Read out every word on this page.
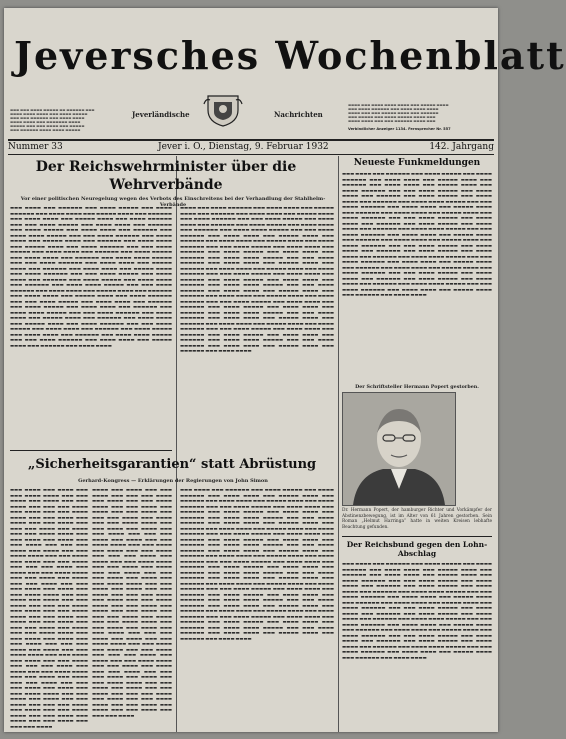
▬▬▬ ▬▬▬ ▬▬▬▬ ▬▬▬▬▬ ▬▬ ▬▬▬▬▬▬ ▬▬▬
▬▬▬▬ ▬▬▬▬ ▬▬▬▬ ▬▬▬ ▬▬▬▬ ▬▬▬▬▬
▬▬▬ ▬▬▬ ▬▬▬▬▬▬ ▬▬▬ ▬▬▬▬ ▬▬▬▬
▬▬▬▬ ▬▬▬▬ ▬▬▬ ▬▬▬▬▬▬▬ ▬▬▬▬
▬▬▬▬▬ ▬▬▬ ▬▬▬ ▬▬▬▬ ▬▬▬ ▬▬▬▬▬
▬▬▬ ▬▬▬▬▬▬ ▬▬▬▬ ▬▬▬▬ ▬▬▬▬▬
Jeversches Wochenblatt
Jeverländische	Nachrichten
▬▬▬▬ ▬▬▬ ▬▬▬▬ ▬▬▬▬ ▬▬▬▬ ▬▬▬ ▬▬▬▬▬ ▬▬▬▬
▬▬▬ ▬▬▬▬ ▬▬▬▬▬▬ ▬▬▬ ▬▬▬▬ ▬▬▬▬ ▬▬▬▬
▬▬▬▬ ▬▬▬ ▬▬▬ ▬▬▬▬▬ ▬▬▬▬ ▬▬▬ ▬▬▬▬▬▬
▬▬▬ ▬▬▬▬▬ ▬▬▬ ▬▬▬▬ ▬▬▬▬▬ ▬▬▬▬ ▬▬▬
▬▬▬▬ ▬▬▬▬ ▬▬▬ ▬▬▬ ▬▬▬▬▬▬ ▬▬▬▬ ▬▬▬
Verbindlicher Anzeiger 1134. Fernsprecher Nr. 557
Nummer 33	Jever i. O., Dienstag, 9. Februar 1932	142. Jahrgang
Der Reichswehrminister über die Wehrverbände
Vor einer politischen Neuregelung wegen des Verbots des Einschreitens bei der Verhandlung der Stahlhelm-Verbände
▬▬▬ ▬▬▬▬ ▬▬▬ ▬▬▬▬▬▬ ▬▬▬ ▬▬▬▬ ▬▬▬▬▬ ▬▬▬ ▬▬▬▬ ▬▬▬▬▬▬ ▬▬▬ ▬▬▬▬ ▬▬▬▬ ▬▬▬ ▬▬▬▬▬ ▬▬▬▬ ▬▬▬ ▬▬▬▬▬▬ ▬▬▬ ▬▬▬▬ ▬▬▬▬ ▬▬▬ ▬▬▬▬▬ ▬▬▬▬ ▬▬▬ ▬▬▬▬ ▬▬▬▬▬▬ ▬▬▬ ▬▬▬ ▬▬▬▬ ▬▬▬▬▬ ▬▬▬ ▬▬▬▬ ▬▬▬▬ ▬▬▬ ▬▬▬▬▬▬ ▬▬▬ ▬▬▬▬ ▬▬▬▬▬ ▬▬▬ ▬▬▬▬ ▬▬▬▬ ▬▬▬ ▬▬▬▬▬▬ ▬▬▬ ▬▬▬▬ ▬▬▬▬ ▬▬▬▬▬ ▬▬▬ ▬▬▬ ▬▬▬▬ ▬▬▬▬▬▬ ▬▬▬ ▬▬▬▬ ▬▬▬▬ ▬▬▬ ▬▬▬▬▬ ▬▬▬▬ ▬▬▬ ▬▬▬▬▬▬ ▬▬▬ ▬▬▬▬ ▬▬▬▬ ▬▬▬ ▬▬▬▬▬ ▬▬▬▬ ▬▬▬ ▬▬▬▬ ▬▬▬▬▬▬ ▬▬▬ ▬▬▬ ▬▬▬▬ ▬▬▬▬▬ ▬▬▬ ▬▬▬▬ ▬▬▬▬ ▬▬▬ ▬▬▬▬▬▬ ▬▬▬ ▬▬▬▬ ▬▬▬▬▬ ▬▬▬ ▬▬▬▬ ▬▬▬▬ ▬▬▬ ▬▬▬▬▬▬ ▬▬▬ ▬▬▬▬ ▬▬▬▬ ▬▬▬▬▬ ▬▬▬ ▬▬▬ ▬▬▬▬ ▬▬▬▬▬▬ ▬▬▬ ▬▬▬▬ ▬▬▬▬ ▬▬▬ ▬▬▬▬▬ ▬▬▬▬ ▬▬▬ ▬▬▬▬▬▬ ▬▬▬ ▬▬▬▬ ▬▬▬▬ ▬▬▬ ▬▬▬▬▬ ▬▬▬▬ ▬▬▬ ▬▬▬▬ ▬▬▬▬▬▬ ▬▬▬ ▬▬▬ ▬▬▬▬ ▬▬▬▬▬ ▬▬▬ ▬▬▬▬ ▬▬▬▬ ▬▬▬ ▬▬▬▬▬▬ ▬▬▬ ▬▬▬▬ ▬▬▬▬▬ ▬▬▬ ▬▬▬▬ ▬▬▬▬ ▬▬▬ ▬▬▬▬▬▬ ▬▬▬ ▬▬▬▬ ▬▬▬▬ ▬▬▬▬▬ ▬▬▬ ▬▬▬ ▬▬▬▬ ▬▬▬▬▬▬ ▬▬▬ ▬▬▬▬ ▬▬▬▬ ▬▬▬ ▬▬▬▬▬ ▬▬▬▬ ▬▬▬ ▬▬▬▬▬▬ ▬▬▬ ▬▬▬▬ ▬▬▬▬ ▬▬▬ ▬▬▬▬▬ ▬▬▬▬ ▬▬▬ ▬▬▬▬ ▬▬▬▬▬▬ ▬▬▬ ▬▬▬ ▬▬▬▬ ▬▬▬▬▬ ▬▬▬ ▬▬▬▬ ▬▬▬▬ ▬▬▬ ▬▬▬▬▬▬ ▬▬▬ ▬▬▬▬ ▬▬▬▬▬ ▬▬▬ ▬▬▬▬ ▬▬▬▬ ▬▬▬ ▬▬▬▬▬▬ ▬▬▬ ▬▬▬▬ ▬▬▬▬ ▬▬▬▬▬ ▬▬▬ ▬▬▬ ▬▬▬▬ ▬▬▬▬▬▬ ▬▬▬ ▬▬▬▬ ▬▬▬▬ ▬▬▬ ▬▬▬▬▬ ▬▬▬▬ ▬▬▬ ▬▬▬▬▬▬ ▬▬▬ ▬▬▬▬ ▬▬▬▬ ▬▬▬ ▬▬▬▬▬ ▬▬▬▬ ▬▬▬ ▬▬▬▬ ▬▬▬▬▬▬ ▬▬▬ ▬▬▬ ▬▬▬▬ ▬▬▬▬▬ ▬▬▬ ▬▬▬▬ ▬▬▬▬ ▬▬▬ ▬▬▬▬▬▬ ▬▬▬ ▬▬▬▬ ▬▬▬▬▬ ▬▬▬ ▬▬▬▬ ▬▬▬▬ ▬▬▬ ▬▬▬▬▬▬ ▬▬▬ ▬▬▬▬ ▬▬▬▬ ▬▬▬▬▬ ▬▬▬ ▬▬▬ ▬▬▬▬ ▬▬▬▬▬▬ ▬▬▬ ▬▬▬▬ ▬▬▬▬ ▬▬▬ ▬▬▬▬▬ ▬▬▬▬ ▬▬▬ ▬▬▬▬▬▬ ▬▬▬ ▬▬▬▬ ▬▬▬▬
▬▬▬▬ ▬▬▬ ▬▬▬▬ ▬▬▬▬▬▬ ▬▬▬ ▬▬▬▬ ▬▬▬▬ ▬▬▬ ▬▬▬▬▬ ▬▬▬▬ ▬▬▬ ▬▬▬▬▬▬ ▬▬▬ ▬▬▬▬ ▬▬▬▬ ▬▬▬ ▬▬▬▬▬ ▬▬▬▬ ▬▬▬ ▬▬▬▬ ▬▬▬▬▬▬ ▬▬▬ ▬▬▬ ▬▬▬▬ ▬▬▬▬▬ ▬▬▬ ▬▬▬▬ ▬▬▬▬ ▬▬▬ ▬▬▬▬▬▬ ▬▬▬ ▬▬▬▬ ▬▬▬▬▬ ▬▬▬ ▬▬▬▬ ▬▬▬▬ ▬▬▬ ▬▬▬▬▬▬ ▬▬▬ ▬▬▬▬ ▬▬▬▬ ▬▬▬▬▬ ▬▬▬ ▬▬▬ ▬▬▬▬ ▬▬▬▬▬▬ ▬▬▬ ▬▬▬▬ ▬▬▬▬ ▬▬▬ ▬▬▬▬▬ ▬▬▬▬ ▬▬▬ ▬▬▬▬▬▬ ▬▬▬ ▬▬▬▬ ▬▬▬▬ ▬▬▬ ▬▬▬▬▬ ▬▬▬▬ ▬▬▬ ▬▬▬▬ ▬▬▬▬▬▬ ▬▬▬ ▬▬▬ ▬▬▬▬ ▬▬▬▬▬ ▬▬▬ ▬▬▬▬ ▬▬▬▬ ▬▬▬ ▬▬▬▬▬▬ ▬▬▬ ▬▬▬▬ ▬▬▬▬▬ ▬▬▬ ▬▬▬▬ ▬▬▬▬ ▬▬▬ ▬▬▬▬▬▬ ▬▬▬ ▬▬▬▬ ▬▬▬▬ ▬▬▬▬▬ ▬▬▬ ▬▬▬ ▬▬▬▬ ▬▬▬▬▬▬ ▬▬▬ ▬▬▬▬ ▬▬▬▬ ▬▬▬ ▬▬▬▬▬ ▬▬▬▬ ▬▬▬ ▬▬▬▬▬▬ ▬▬▬ ▬▬▬▬ ▬▬▬▬ ▬▬▬ ▬▬▬▬▬ ▬▬▬▬ ▬▬▬ ▬▬▬▬ ▬▬▬▬▬▬ ▬▬▬ ▬▬▬ ▬▬▬▬ ▬▬▬▬▬ ▬▬▬ ▬▬▬▬ ▬▬▬▬ ▬▬▬ ▬▬▬▬▬▬ ▬▬▬ ▬▬▬▬ ▬▬▬▬▬ ▬▬▬ ▬▬▬▬ ▬▬▬▬ ▬▬▬ ▬▬▬▬▬▬ ▬▬▬ ▬▬▬▬ ▬▬▬▬ ▬▬▬▬▬ ▬▬▬ ▬▬▬ ▬▬▬▬ ▬▬▬▬▬▬ ▬▬▬ ▬▬▬▬ ▬▬▬▬ ▬▬▬ ▬▬▬▬▬ ▬▬▬▬ ▬▬▬ ▬▬▬▬▬▬ ▬▬▬ ▬▬▬▬ ▬▬▬▬ ▬▬▬ ▬▬▬▬▬ ▬▬▬▬ ▬▬▬ ▬▬▬▬ ▬▬▬▬▬▬ ▬▬▬ ▬▬▬ ▬▬▬▬ ▬▬▬▬▬ ▬▬▬ ▬▬▬▬ ▬▬▬▬ ▬▬▬ ▬▬▬▬▬▬ ▬▬▬ ▬▬▬▬ ▬▬▬▬▬ ▬▬▬ ▬▬▬▬ ▬▬▬▬ ▬▬▬ ▬▬▬▬▬▬ ▬▬▬ ▬▬▬▬ ▬▬▬▬ ▬▬▬▬▬ ▬▬▬ ▬▬▬ ▬▬▬▬ ▬▬▬▬▬▬ ▬▬▬ ▬▬▬▬ ▬▬▬▬ ▬▬▬ ▬▬▬▬▬ ▬▬▬▬ ▬▬▬ ▬▬▬▬▬▬ ▬▬▬ ▬▬▬▬ ▬▬▬▬ ▬▬▬ ▬▬▬▬▬ ▬▬▬▬ ▬▬▬ ▬▬▬▬ ▬▬▬▬▬▬ ▬▬▬ ▬▬▬ ▬▬▬▬ ▬▬▬▬▬ ▬▬▬ ▬▬▬▬ ▬▬▬▬ ▬▬▬ ▬▬▬▬▬▬ ▬▬▬ ▬▬▬▬ ▬▬▬▬▬ ▬▬▬ ▬▬▬▬ ▬▬▬▬ ▬▬▬ ▬▬▬▬▬▬ ▬▬▬ ▬▬▬▬ ▬▬▬▬ ▬▬▬▬▬ ▬▬▬ ▬▬▬ ▬▬▬▬ ▬▬▬▬▬▬ ▬▬▬ ▬▬▬▬ ▬▬▬▬ ▬▬▬ ▬▬▬▬▬ ▬▬▬▬ ▬▬▬ ▬▬▬▬▬▬ ▬▬▬ ▬▬▬▬ ▬▬▬▬
„Sicherheitsgarantien“ statt Abrüstung
Gerhard-Kongress — Erklärungen der Regierungen von John Simon
▬▬▬ ▬▬▬▬ ▬▬▬ ▬▬▬▬ ▬▬▬ ▬▬▬ ▬▬▬▬ ▬▬▬▬ ▬▬▬ ▬▬▬ ▬▬▬▬ ▬▬▬ ▬▬▬▬ ▬▬▬ ▬▬▬ ▬▬▬▬ ▬▬▬ ▬▬▬ ▬▬▬ ▬▬▬▬ ▬▬▬ ▬▬▬▬ ▬▬▬ ▬▬▬ ▬▬▬▬ ▬▬▬▬ ▬▬▬ ▬▬▬ ▬▬▬▬ ▬▬▬ ▬▬▬▬ ▬▬▬ ▬▬▬ ▬▬▬▬ ▬▬▬ ▬▬▬ ▬▬▬ ▬▬▬▬ ▬▬▬ ▬▬▬▬ ▬▬▬ ▬▬▬ ▬▬▬▬ ▬▬▬▬ ▬▬▬ ▬▬▬ ▬▬▬▬ ▬▬▬ ▬▬▬▬ ▬▬▬ ▬▬▬ ▬▬▬▬ ▬▬▬ ▬▬▬ ▬▬▬ ▬▬▬▬ ▬▬▬ ▬▬▬▬ ▬▬▬ ▬▬▬ ▬▬▬▬ ▬▬▬▬ ▬▬▬ ▬▬▬ ▬▬▬▬ ▬▬▬ ▬▬▬▬ ▬▬▬ ▬▬▬ ▬▬▬▬ ▬▬▬ ▬▬▬ ▬▬▬ ▬▬▬▬ ▬▬▬ ▬▬▬▬ ▬▬▬ ▬▬▬ ▬▬▬▬ ▬▬▬▬ ▬▬▬ ▬▬▬ ▬▬▬▬ ▬▬▬ ▬▬▬▬ ▬▬▬ ▬▬▬ ▬▬▬▬ ▬▬▬ ▬▬▬ ▬▬▬ ▬▬▬▬ ▬▬▬ ▬▬▬▬ ▬▬▬ ▬▬▬ ▬▬▬▬ ▬▬▬▬ ▬▬▬ ▬▬▬ ▬▬▬▬ ▬▬▬ ▬▬▬▬ ▬▬▬ ▬▬▬ ▬▬▬▬ ▬▬▬ ▬▬▬ ▬▬▬ ▬▬▬▬ ▬▬▬ ▬▬▬▬ ▬▬▬ ▬▬▬ ▬▬▬▬ ▬▬▬▬ ▬▬▬ ▬▬▬ ▬▬▬▬ ▬▬▬ ▬▬▬▬ ▬▬▬ ▬▬▬ ▬▬▬▬ ▬▬▬ ▬▬▬ ▬▬▬ ▬▬▬▬ ▬▬▬ ▬▬▬▬ ▬▬▬ ▬▬▬ ▬▬▬▬ ▬▬▬▬ ▬▬▬ ▬▬▬ ▬▬▬▬ ▬▬▬ ▬▬▬▬ ▬▬▬ ▬▬▬ ▬▬▬▬ ▬▬▬ ▬▬▬ ▬▬▬ ▬▬▬▬ ▬▬▬ ▬▬▬▬ ▬▬▬ ▬▬▬ ▬▬▬▬ ▬▬▬▬ ▬▬▬ ▬▬▬ ▬▬▬▬ ▬▬▬ ▬▬▬▬ ▬▬▬ ▬▬▬ ▬▬▬▬ ▬▬▬ ▬▬▬ ▬▬▬ ▬▬▬▬ ▬▬▬ ▬▬▬▬ ▬▬▬ ▬▬▬ ▬▬▬▬ ▬▬▬▬ ▬▬▬ ▬▬▬ ▬▬▬▬ ▬▬▬ ▬▬▬▬ ▬▬▬ ▬▬▬ ▬▬▬▬ ▬▬▬ ▬▬▬ ▬▬▬ ▬▬▬▬ ▬▬▬ ▬▬▬▬ ▬▬▬ ▬▬▬ ▬▬▬▬ ▬▬▬▬ ▬▬▬ ▬▬▬ ▬▬▬▬ ▬▬▬ ▬▬▬▬ ▬▬▬ ▬▬▬ ▬▬▬▬ ▬▬▬ ▬▬▬ ▬▬▬ ▬▬▬▬ ▬▬▬ ▬▬▬▬ ▬▬▬ ▬▬▬ ▬▬▬▬ ▬▬▬▬ ▬▬▬ ▬▬▬ ▬▬▬▬ ▬▬▬ ▬▬▬▬ ▬▬▬ ▬▬▬ ▬▬▬▬ ▬▬▬ ▬▬▬ ▬▬▬ ▬▬▬▬
▬▬▬▬ ▬▬▬ ▬▬▬▬ ▬▬▬ ▬▬▬ ▬▬▬▬ ▬▬▬ ▬▬▬ ▬▬▬ ▬▬▬▬ ▬▬▬ ▬▬▬▬ ▬▬▬ ▬▬▬ ▬▬▬▬ ▬▬▬▬ ▬▬▬ ▬▬▬ ▬▬▬▬ ▬▬▬ ▬▬▬▬ ▬▬▬ ▬▬▬ ▬▬▬▬ ▬▬▬ ▬▬▬ ▬▬▬ ▬▬▬▬ ▬▬▬ ▬▬▬▬ ▬▬▬ ▬▬▬ ▬▬▬▬ ▬▬▬▬ ▬▬▬ ▬▬▬ ▬▬▬▬ ▬▬▬ ▬▬▬▬ ▬▬▬ ▬▬▬ ▬▬▬▬ ▬▬▬ ▬▬▬ ▬▬▬ ▬▬▬▬ ▬▬▬ ▬▬▬▬ ▬▬▬ ▬▬▬ ▬▬▬▬ ▬▬▬▬ ▬▬▬ ▬▬▬ ▬▬▬▬ ▬▬▬ ▬▬▬▬ ▬▬▬ ▬▬▬ ▬▬▬▬ ▬▬▬ ▬▬▬ ▬▬▬ ▬▬▬▬ ▬▬▬ ▬▬▬▬ ▬▬▬ ▬▬▬ ▬▬▬▬ ▬▬▬▬ ▬▬▬ ▬▬▬ ▬▬▬▬ ▬▬▬ ▬▬▬▬ ▬▬▬ ▬▬▬ ▬▬▬▬ ▬▬▬ ▬▬▬ ▬▬▬ ▬▬▬▬ ▬▬▬ ▬▬▬▬ ▬▬▬ ▬▬▬ ▬▬▬▬ ▬▬▬▬ ▬▬▬ ▬▬▬ ▬▬▬▬ ▬▬▬ ▬▬▬▬ ▬▬▬ ▬▬▬ ▬▬▬▬ ▬▬▬ ▬▬▬ ▬▬▬ ▬▬▬▬ ▬▬▬ ▬▬▬▬ ▬▬▬ ▬▬▬ ▬▬▬▬ ▬▬▬▬ ▬▬▬ ▬▬▬ ▬▬▬▬ ▬▬▬ ▬▬▬▬ ▬▬▬ ▬▬▬ ▬▬▬▬ ▬▬▬ ▬▬▬ ▬▬▬ ▬▬▬▬ ▬▬▬ ▬▬▬▬ ▬▬▬ ▬▬▬ ▬▬▬▬ ▬▬▬▬ ▬▬▬ ▬▬▬ ▬▬▬▬ ▬▬▬ ▬▬▬▬ ▬▬▬ ▬▬▬ ▬▬▬▬ ▬▬▬ ▬▬▬ ▬▬▬ ▬▬▬▬ ▬▬▬ ▬▬▬▬ ▬▬▬ ▬▬▬ ▬▬▬▬ ▬▬▬▬ ▬▬▬ ▬▬▬ ▬▬▬▬ ▬▬▬ ▬▬▬▬ ▬▬▬ ▬▬▬ ▬▬▬▬ ▬▬▬ ▬▬▬ ▬▬▬ ▬▬▬▬ ▬▬▬ ▬▬▬▬ ▬▬▬ ▬▬▬ ▬▬▬▬ ▬▬▬▬ ▬▬▬ ▬▬▬ ▬▬▬▬ ▬▬▬ ▬▬▬▬ ▬▬▬ ▬▬▬ ▬▬▬▬ ▬▬▬ ▬▬▬ ▬▬▬ ▬▬▬▬ ▬▬▬ ▬▬▬▬ ▬▬▬ ▬▬▬ ▬▬▬▬ ▬▬▬▬ ▬▬▬ ▬▬▬ ▬▬▬▬ ▬▬▬ ▬▬▬▬ ▬▬▬ ▬▬▬ ▬▬▬▬ ▬▬▬ ▬▬▬ ▬▬▬ ▬▬▬▬ ▬▬▬ ▬▬▬▬ ▬▬▬ ▬▬▬ ▬▬▬▬ ▬▬▬▬ ▬▬▬ ▬▬▬ ▬▬▬▬ ▬▬▬ ▬▬▬▬ ▬▬▬ ▬▬▬ ▬▬▬▬ ▬▬▬ ▬▬▬ ▬▬▬ ▬▬▬▬
▬▬▬ ▬▬▬▬ ▬▬▬ ▬▬▬▬▬▬ ▬▬▬ ▬▬▬▬ ▬▬▬▬▬ ▬▬▬ ▬▬▬▬ ▬▬▬▬▬▬ ▬▬▬ ▬▬▬▬ ▬▬▬▬ ▬▬▬ ▬▬▬▬▬ ▬▬▬▬ ▬▬▬ ▬▬▬▬▬▬ ▬▬▬ ▬▬▬▬ ▬▬▬▬ ▬▬▬ ▬▬▬▬▬ ▬▬▬▬ ▬▬▬ ▬▬▬▬ ▬▬▬▬▬▬ ▬▬▬ ▬▬▬ ▬▬▬▬ ▬▬▬▬▬ ▬▬▬ ▬▬▬▬ ▬▬▬▬ ▬▬▬ ▬▬▬▬▬▬ ▬▬▬ ▬▬▬▬ ▬▬▬▬▬ ▬▬▬ ▬▬▬▬ ▬▬▬▬ ▬▬▬ ▬▬▬▬▬▬ ▬▬▬ ▬▬▬▬ ▬▬▬▬ ▬▬▬▬▬ ▬▬▬ ▬▬▬ ▬▬▬▬ ▬▬▬▬▬▬ ▬▬▬ ▬▬▬▬ ▬▬▬▬ ▬▬▬ ▬▬▬▬▬ ▬▬▬▬ ▬▬▬ ▬▬▬▬▬▬ ▬▬▬ ▬▬▬▬ ▬▬▬▬ ▬▬▬ ▬▬▬▬▬ ▬▬▬▬ ▬▬▬ ▬▬▬▬ ▬▬▬▬▬▬ ▬▬▬ ▬▬▬ ▬▬▬▬ ▬▬▬▬▬ ▬▬▬ ▬▬▬▬ ▬▬▬▬ ▬▬▬ ▬▬▬▬▬▬ ▬▬▬ ▬▬▬▬ ▬▬▬▬▬ ▬▬▬ ▬▬▬▬ ▬▬▬▬ ▬▬▬ ▬▬▬▬▬▬ ▬▬▬ ▬▬▬▬ ▬▬▬▬ ▬▬▬▬▬ ▬▬▬ ▬▬▬ ▬▬▬▬ ▬▬▬▬▬▬ ▬▬▬ ▬▬▬▬ ▬▬▬▬ ▬▬▬ ▬▬▬▬▬ ▬▬▬▬ ▬▬▬ ▬▬▬▬▬▬ ▬▬▬ ▬▬▬▬ ▬▬▬▬ ▬▬▬ ▬▬▬▬▬ ▬▬▬▬ ▬▬▬ ▬▬▬▬ ▬▬▬▬▬▬ ▬▬▬ ▬▬▬ ▬▬▬▬ ▬▬▬▬▬ ▬▬▬ ▬▬▬▬ ▬▬▬▬ ▬▬▬ ▬▬▬▬▬▬ ▬▬▬ ▬▬▬▬ ▬▬▬▬▬ ▬▬▬ ▬▬▬▬ ▬▬▬▬ ▬▬▬ ▬▬▬▬▬▬ ▬▬▬ ▬▬▬▬ ▬▬▬▬ ▬▬▬▬▬ ▬▬▬ ▬▬▬ ▬▬▬▬ ▬▬▬▬▬▬ ▬▬▬ ▬▬▬▬ ▬▬▬▬ ▬▬▬ ▬▬▬▬▬ ▬▬▬▬ ▬▬▬ ▬▬▬▬▬▬ ▬▬▬ ▬▬▬▬ ▬▬▬▬ ▬▬▬ ▬▬▬▬▬ ▬▬▬▬ ▬▬▬ ▬▬▬▬ ▬▬▬▬▬▬ ▬▬▬ ▬▬▬ ▬▬▬▬ ▬▬▬▬▬ ▬▬▬ ▬▬▬▬ ▬▬▬▬ ▬▬▬ ▬▬▬▬▬▬ ▬▬▬ ▬▬▬▬ ▬▬▬▬▬ ▬▬▬ ▬▬▬▬ ▬▬▬▬ ▬▬▬ ▬▬▬▬▬▬ ▬▬▬ ▬▬▬▬ ▬▬▬▬ ▬▬▬▬▬ ▬▬▬ ▬▬▬ ▬▬▬▬ ▬▬▬▬▬▬ ▬▬▬ ▬▬▬▬ ▬▬▬▬ ▬▬▬ ▬▬▬▬▬ ▬▬▬▬ ▬▬▬ ▬▬▬▬▬▬ ▬▬▬ ▬▬▬▬ ▬▬▬▬ ▬▬▬ ▬▬▬▬▬ ▬▬▬▬ ▬▬▬ ▬▬▬▬ ▬▬▬▬▬▬ ▬▬▬ ▬▬▬ ▬▬▬▬ ▬▬▬▬▬ ▬▬▬ ▬▬▬▬ ▬▬▬▬ ▬▬▬ ▬▬▬▬▬▬ ▬▬▬ ▬▬▬▬ ▬▬▬▬▬ ▬▬▬ ▬▬▬▬ ▬▬▬▬ ▬▬▬ ▬▬▬▬▬▬ ▬▬▬ ▬▬▬▬ ▬▬▬▬ ▬▬▬▬▬ ▬▬▬ ▬▬▬ ▬▬▬▬ ▬▬▬▬▬▬ ▬▬▬ ▬▬▬▬ ▬▬▬▬ ▬▬▬ ▬▬▬▬▬ ▬▬▬▬ ▬▬▬ ▬▬▬▬▬▬ ▬▬▬ ▬▬▬▬ ▬▬▬▬
Neueste Funkmeldungen
▬▬▬ ▬▬▬▬ ▬▬▬ ▬▬▬▬▬▬ ▬▬▬ ▬▬▬▬ ▬▬▬▬▬ ▬▬▬ ▬▬▬▬ ▬▬▬▬▬▬ ▬▬▬ ▬▬▬▬ ▬▬▬▬ ▬▬▬ ▬▬▬▬▬ ▬▬▬▬ ▬▬▬ ▬▬▬▬▬▬ ▬▬▬ ▬▬▬▬ ▬▬▬▬ ▬▬▬ ▬▬▬▬▬ ▬▬▬▬ ▬▬▬ ▬▬▬▬ ▬▬▬▬▬▬ ▬▬▬ ▬▬▬ ▬▬▬▬ ▬▬▬▬▬ ▬▬▬ ▬▬▬▬ ▬▬▬▬ ▬▬▬ ▬▬▬▬▬▬ ▬▬▬ ▬▬▬▬ ▬▬▬▬▬ ▬▬▬ ▬▬▬▬ ▬▬▬▬ ▬▬▬ ▬▬▬▬▬▬ ▬▬▬ ▬▬▬▬ ▬▬▬▬ ▬▬▬▬▬ ▬▬▬ ▬▬▬ ▬▬▬▬ ▬▬▬▬▬▬ ▬▬▬ ▬▬▬▬ ▬▬▬▬ ▬▬▬ ▬▬▬▬▬ ▬▬▬▬ ▬▬▬ ▬▬▬▬▬▬ ▬▬▬ ▬▬▬▬ ▬▬▬▬ ▬▬▬ ▬▬▬▬▬ ▬▬▬▬ ▬▬▬ ▬▬▬▬ ▬▬▬▬▬▬ ▬▬▬ ▬▬▬ ▬▬▬▬ ▬▬▬▬▬ ▬▬▬ ▬▬▬▬ ▬▬▬▬ ▬▬▬ ▬▬▬▬▬▬ ▬▬▬ ▬▬▬▬ ▬▬▬▬▬ ▬▬▬ ▬▬▬▬ ▬▬▬▬ ▬▬▬ ▬▬▬▬▬▬ ▬▬▬ ▬▬▬▬ ▬▬▬▬ ▬▬▬▬▬ ▬▬▬ ▬▬▬ ▬▬▬▬ ▬▬▬▬▬▬ ▬▬▬ ▬▬▬▬ ▬▬▬▬ ▬▬▬ ▬▬▬▬▬ ▬▬▬▬ ▬▬▬ ▬▬▬▬▬▬ ▬▬▬ ▬▬▬▬ ▬▬▬▬ ▬▬▬ ▬▬▬▬▬ ▬▬▬▬ ▬▬▬ ▬▬▬▬ ▬▬▬▬▬▬ ▬▬▬ ▬▬▬ ▬▬▬▬ ▬▬▬▬▬ ▬▬▬ ▬▬▬▬ ▬▬▬▬ ▬▬▬ ▬▬▬▬▬▬ ▬▬▬ ▬▬▬▬ ▬▬▬▬▬ ▬▬▬ ▬▬▬▬ ▬▬▬▬ ▬▬▬ ▬▬▬▬▬▬ ▬▬▬ ▬▬▬▬ ▬▬▬▬ ▬▬▬▬▬ ▬▬▬ ▬▬▬ ▬▬▬▬ ▬▬▬▬▬▬ ▬▬▬ ▬▬▬▬ ▬▬▬▬ ▬▬▬ ▬▬▬▬▬ ▬▬▬▬ ▬▬▬ ▬▬▬▬▬▬ ▬▬▬ ▬▬▬▬ ▬▬▬▬ ▬▬▬ ▬▬▬▬▬ ▬▬▬▬ ▬▬▬ ▬▬▬▬ ▬▬▬▬▬▬ ▬▬▬ ▬▬▬ ▬▬▬▬ ▬▬▬▬▬ ▬▬▬ ▬▬▬▬ ▬▬▬▬ ▬▬▬ ▬▬▬▬▬▬ ▬▬▬ ▬▬▬▬ ▬▬▬▬▬ ▬▬▬ ▬▬▬▬ ▬▬▬▬ ▬▬▬ ▬▬▬▬▬▬ ▬▬▬ ▬▬▬▬ ▬▬▬▬ ▬▬▬▬▬ ▬▬▬ ▬▬▬ ▬▬▬▬ ▬▬▬▬▬▬ ▬▬▬ ▬▬▬▬ ▬▬▬▬ ▬▬▬ ▬▬▬▬▬ ▬▬▬▬ ▬▬▬ ▬▬▬▬▬▬ ▬▬▬ ▬▬▬▬ ▬▬▬▬
Der Schriftsteller Hermann Popert gestorben.
Dr. Hermann Popert, der hamburger Richter und Vorkämpfer der Abstinenzbewegung, ist im Alter von 61 Jahren gestorben. Sein Roman „Helmut Harringa“ hatte in weiten Kreisen lebhafte Beachtung gefunden.
Der Reichsbund gegen den Lohn-Abschlag
▬▬▬ ▬▬▬▬ ▬▬▬ ▬▬▬▬▬▬ ▬▬▬ ▬▬▬▬ ▬▬▬▬▬ ▬▬▬ ▬▬▬▬ ▬▬▬▬▬▬ ▬▬▬ ▬▬▬▬ ▬▬▬▬ ▬▬▬ ▬▬▬▬▬ ▬▬▬▬ ▬▬▬ ▬▬▬▬▬▬ ▬▬▬ ▬▬▬▬ ▬▬▬▬ ▬▬▬ ▬▬▬▬▬ ▬▬▬▬ ▬▬▬ ▬▬▬▬ ▬▬▬▬▬▬ ▬▬▬ ▬▬▬ ▬▬▬▬ ▬▬▬▬▬ ▬▬▬ ▬▬▬▬ ▬▬▬▬ ▬▬▬ ▬▬▬▬▬▬ ▬▬▬ ▬▬▬▬ ▬▬▬▬▬ ▬▬▬ ▬▬▬▬ ▬▬▬▬ ▬▬▬ ▬▬▬▬▬▬ ▬▬▬ ▬▬▬▬ ▬▬▬▬ ▬▬▬▬▬ ▬▬▬ ▬▬▬ ▬▬▬▬ ▬▬▬▬▬▬ ▬▬▬ ▬▬▬▬ ▬▬▬▬ ▬▬▬ ▬▬▬▬▬ ▬▬▬▬ ▬▬▬ ▬▬▬▬▬▬ ▬▬▬ ▬▬▬▬ ▬▬▬▬ ▬▬▬ ▬▬▬▬▬ ▬▬▬▬ ▬▬▬ ▬▬▬▬ ▬▬▬▬▬▬ ▬▬▬ ▬▬▬ ▬▬▬▬ ▬▬▬▬▬ ▬▬▬ ▬▬▬▬ ▬▬▬▬ ▬▬▬ ▬▬▬▬▬▬ ▬▬▬ ▬▬▬▬ ▬▬▬▬▬ ▬▬▬ ▬▬▬▬ ▬▬▬▬ ▬▬▬ ▬▬▬▬▬▬ ▬▬▬ ▬▬▬▬ ▬▬▬▬ ▬▬▬▬▬ ▬▬▬ ▬▬▬ ▬▬▬▬ ▬▬▬▬▬▬ ▬▬▬ ▬▬▬▬ ▬▬▬▬ ▬▬▬ ▬▬▬▬▬ ▬▬▬▬ ▬▬▬ ▬▬▬▬▬▬ ▬▬▬ ▬▬▬▬ ▬▬▬▬ ▬▬▬ ▬▬▬▬▬ ▬▬▬▬ ▬▬▬ ▬▬▬▬ ▬▬▬▬▬▬ ▬▬▬ ▬▬▬ ▬▬▬▬ ▬▬▬▬▬ ▬▬▬ ▬▬▬▬ ▬▬▬▬ ▬▬▬ ▬▬▬▬▬▬ ▬▬▬ ▬▬▬▬ ▬▬▬▬▬ ▬▬▬ ▬▬▬▬ ▬▬▬▬ ▬▬▬ ▬▬▬▬▬▬ ▬▬▬ ▬▬▬▬ ▬▬▬▬ ▬▬▬▬▬ ▬▬▬ ▬▬▬ ▬▬▬▬ ▬▬▬▬▬▬ ▬▬▬ ▬▬▬▬ ▬▬▬▬ ▬▬▬ ▬▬▬▬▬ ▬▬▬▬ ▬▬▬ ▬▬▬▬▬▬ ▬▬▬ ▬▬▬▬ ▬▬▬▬
